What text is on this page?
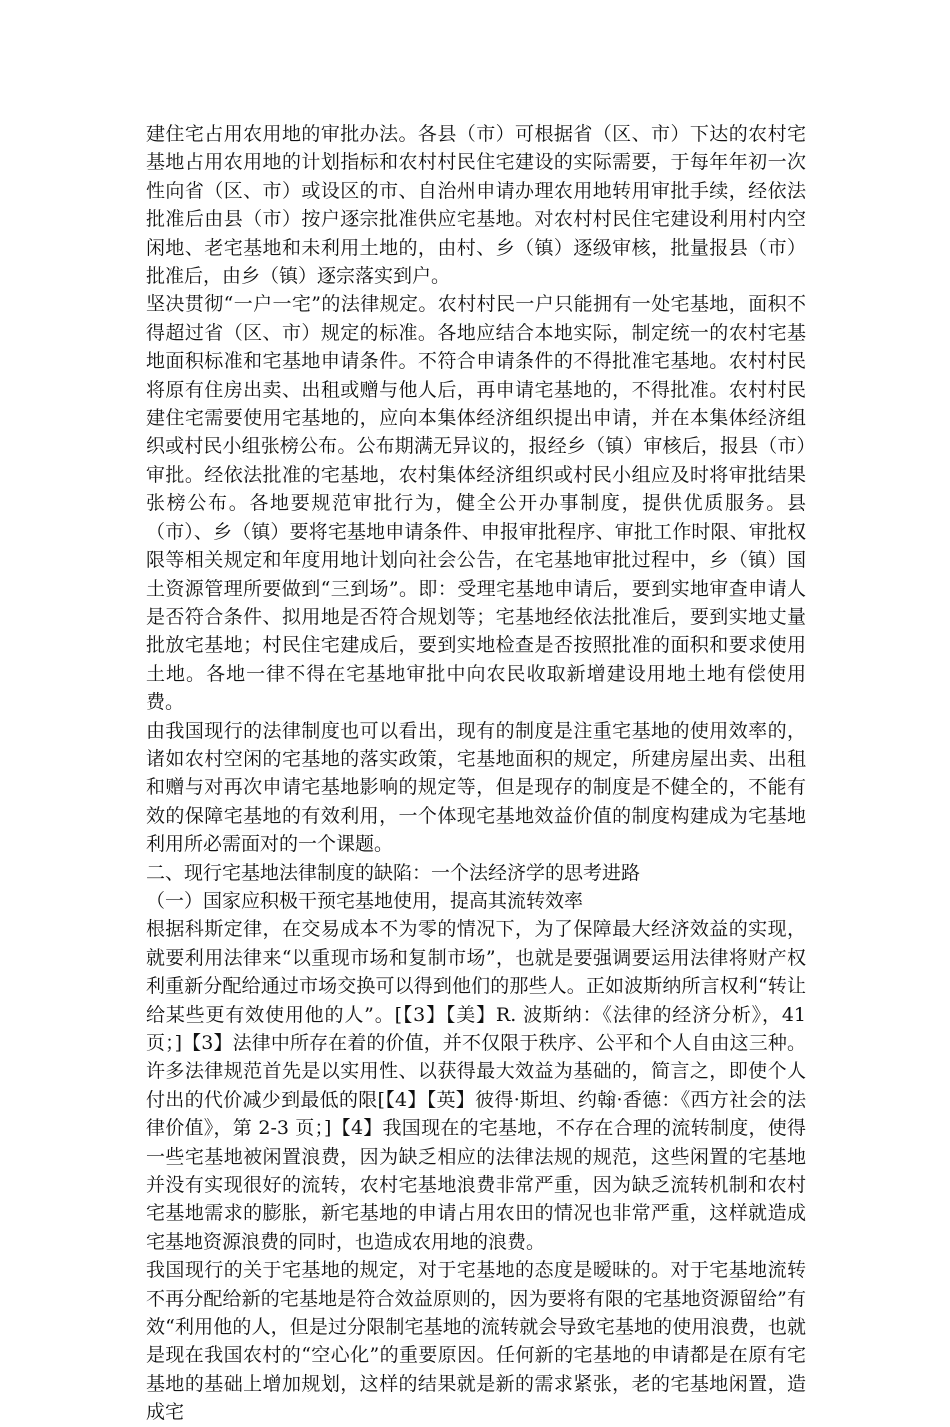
建住宅占用农用地的审批办法。各县（市）可根据省（区、市）下达的农村宅基地占用农用地的计划指标和农村村民住宅建设的实际需要，于每年年初一次性向省（区、市）或设区的市、自治州申请办理农用地转用审批手续，经依法批准后由县（市）按户逐宗批准供应宅基地。对农村村民住宅建设利用村内空闲地、老宅基地和未利用土地的，由村、乡（镇）逐级审核，批量报县（市）批准后，由乡（镇）逐宗落实到户。

坚决贯彻“一户一宅”的法律规定。农村村民一户只能拥有一处宅基地，面积不得超过省（区、市）规定的标准。各地应结合本地实际，制定统一的农村宅基地面积标准和宅基地申请条件。不符合申请条件的不得批准宅基地。农村村民将原有住房出卖、出租或赠与他人后，再申请宅基地的，不得批准。农村村民建住宅需要使用宅基地的，应向本集体经济组织提出申请，并在本集体经济组织或村民小组张榜公布。公布期满无异议的，报经乡（镇）审核后，报县（市）审批。经依法批准的宅基地，农村集体经济组织或村民小组应及时将审批结果张榜公布。各地要规范审批行为，健全公开办事制度，提供优质服务。县（市）、乡（镇）要将宅基地申请条件、申报审批程序、审批工作时限、审批权限等相关规定和年度用地计划向社会公告，在宅基地审批过程中，乡（镇）国土资源管理所要做到“三到场”。即：受理宅基地申请后，要到实地审查申请人是否符合条件、拟用地是否符合规划等；宅基地经依法批准后，要到实地丈量批放宅基地；村民住宅建成后，要到实地检查是否按照批准的面积和要求使用土地。各地一律不得在宅基地审批中向农民收取新增建设用地土地有偿使用费。

由我国现行的法律制度也可以看出，现有的制度是注重宅基地的使用效率的，诸如农村空闲的宅基地的落实政策，宅基地面积的规定，所建房屋出卖、出租和赠与对再次申请宅基地影响的规定等，但是现存的制度是不健全的，不能有效的保障宅基地的有效利用，一个体现宅基地效益价值的制度构建成为宅基地利用所必需面对的一个课题。

二、现行宅基地法律制度的缺陷：一个法经济学的思考进路

（一）国家应积极干预宅基地使用，提高其流转效率

根据科斯定律，在交易成本不为零的情况下，为了保障最大经济效益的实现，就要利用法律来“以重现市场和复制市场”，也就是要强调要运用法律将财产权利重新分配给通过市场交换可以得到他们的那些人。正如波斯纳所言权利“转让给某些更有效使用他的人”。[【3】【美】R. 波斯纳：《法律的经济分析》，41 页；]【3】法律中所存在着的价值，并不仅限于秩序、公平和个人自由这三种。许多法律规范首先是以实用性、以获得最大效益为基础的，简言之，即使个人付出的代价减少到最低的限[【4】【英】彼得·斯坦、约翰·香德：《西方社会的法律价值》，第 2-3 页；]【4】我国现在的宅基地，不存在合理的流转制度，使得一些宅基地被闲置浪费，因为缺乏相应的法律法规的规范，这些闲置的宅基地并没有实现很好的流转，农村宅基地浪费非常严重，因为缺乏流转机制和农村宅基地需求的膨胀，新宅基地的申请占用农田的情况也非常严重，这样就造成宅基地资源浪费的同时，也造成农用地的浪费。

我国现行的关于宅基地的规定，对于宅基地的态度是暧昧的。对于宅基地流转不再分配给新的宅基地是符合效益原则的，因为要将有限的宅基地资源留给”有效“利用他的人，但是过分限制宅基地的流转就会导致宅基地的使用浪费，也就是现在我国农村的“空心化”的重要原因。任何新的宅基地的申请都是在原有宅基地的基础上增加规划，这样的结果就是新的需求紧张，老的宅基地闲置，造成宅
